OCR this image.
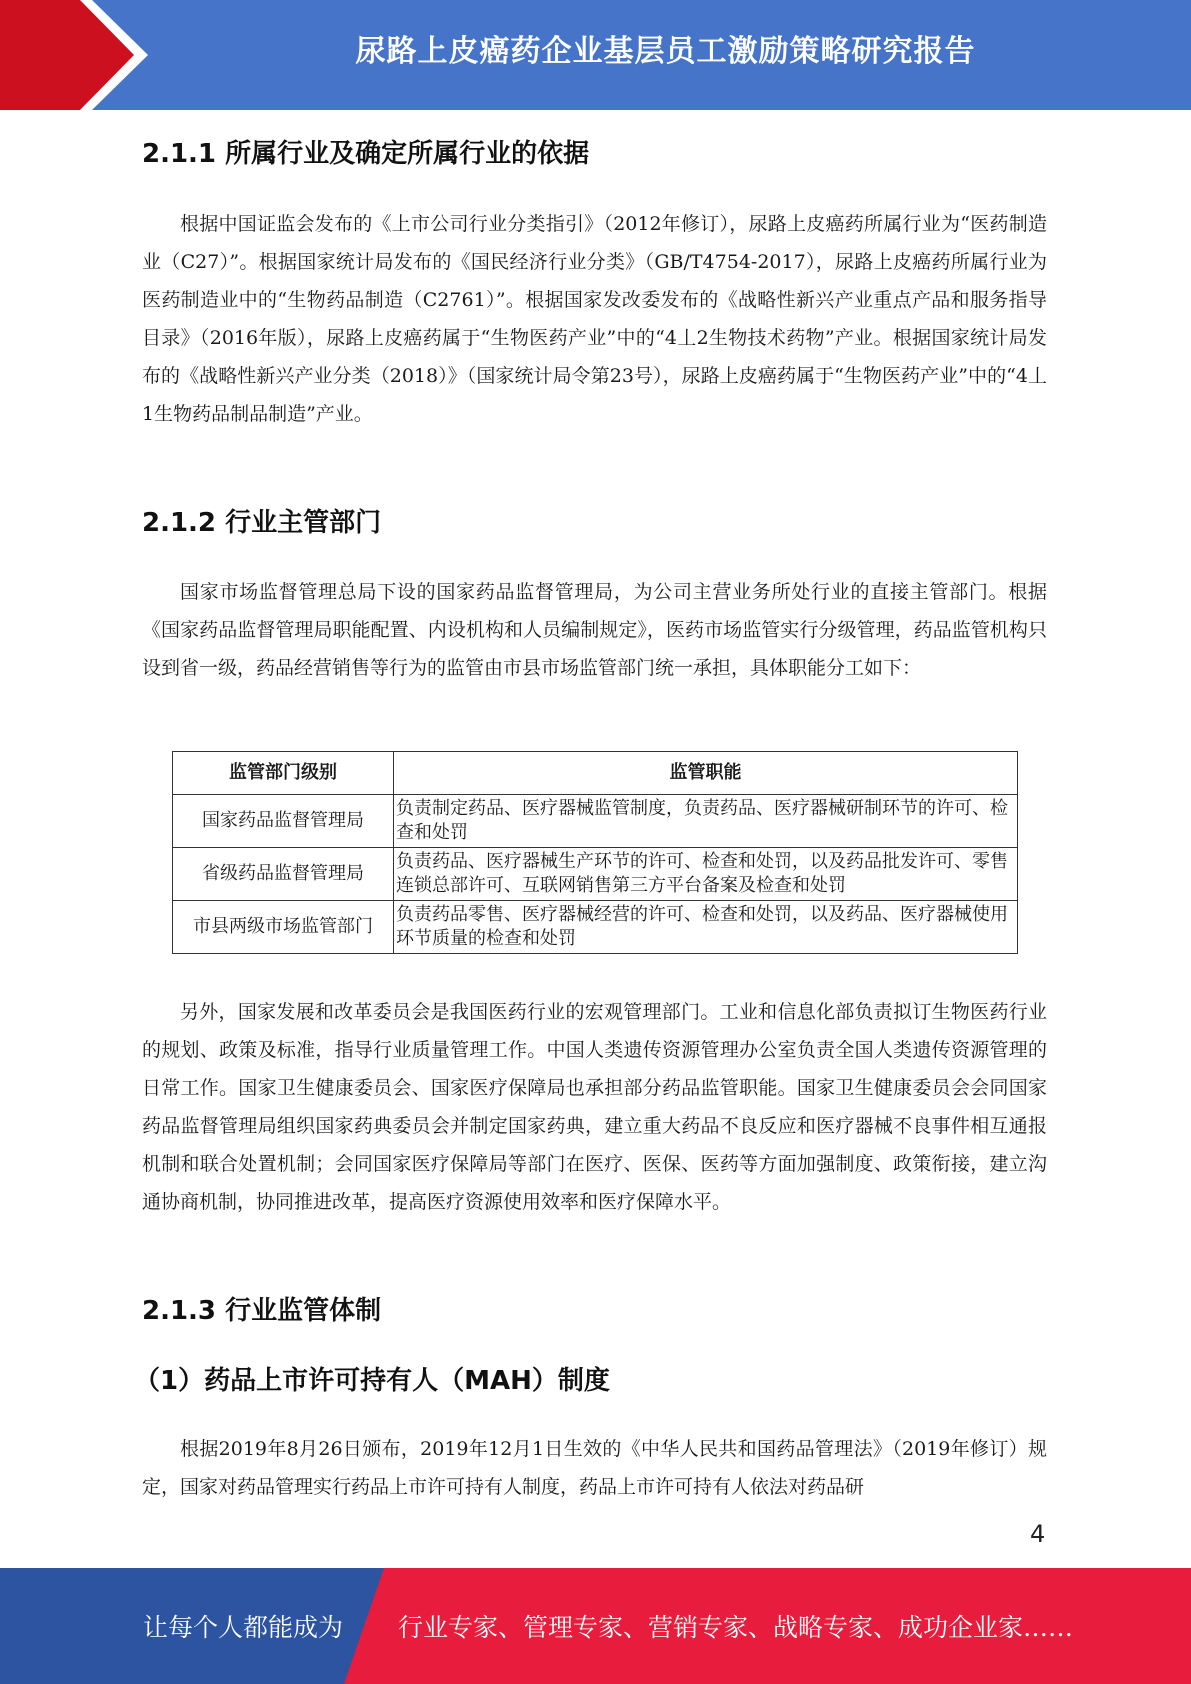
尿路上皮癌药企业基层员工激励策略研究报告
2.1.1 所属行业及确定所属行业的依据

根据中国证监会发布的《上市公司行业分类指引》（2012年修订），尿路上皮癌药所属行业为“医药制造业（C27）”。根据国家统计局发布的《国民经济行业分类》（GB/T4754-2017），尿路上皮癌药所属行业为医药制造业中的“生物药品制造（C2761）”。根据国家发改委发布的《战略性新兴产业重点产品和服务指导目录》（2016年版），尿路上皮癌药属于“生物医药产业”中的“4丄2生物技术药物”产业。根据国家统计局发布的《战略性新兴产业分类（2018）》（国家统计局令第23号），尿路上皮癌药属于“生物医药产业”中的“4丄1生物药品制品制造”产业。

2.1.2 行业主管部门

国家市场监督管理总局下设的国家药品监督管理局，为公司主营业务所处行业的直接主管部门。根据《国家药品监督管理局职能配置、内设机构和人员编制规定》，医药市场监管实行分级管理，药品监管机构只设到省一级，药品经营销售等行为的监管由市县市场监管部门统一承担，具体职能分工如下：

监管部门级别	监管职能
国家药品监督管理局	负责制定药品、医疗器械监管制度，负责药品、医疗器械研制环节的许可、检查和处罚
省级药品监督管理局	负责药品、医疗器械生产环节的许可、检查和处罚，以及药品批发许可、零售连锁总部许可、互联网销售第三方平台备案及检查和处罚
市县两级市场监管部门	负责药品零售、医疗器械经营的许可、检查和处罚，以及药品、医疗器械使用环节质量的检查和处罚

另外，国家发展和改革委员会是我国医药行业的宏观管理部门。工业和信息化部负责拟订生物医药行业的规划、政策及标准，指导行业质量管理工作。中国人类遗传资源管理办公室负责全国人类遗传资源管理的日常工作。国家卫生健康委员会、国家医疗保障局也承担部分药品监管职能。国家卫生健康委员会会同国家药品监督管理局组织国家药典委员会并制定国家药典，建立重大药品不良反应和医疗器械不良事件相互通报机制和联合处置机制；会同国家医疗保障局等部门在医疗、医保、医药等方面加强制度、政策衔接，建立沟通协商机制，协同推进改革，提高医疗资源使用效率和医疗保障水平。

2.1.3 行业监管体制
（1）药品上市许可持有人（MAH）制度

根据2019年8月26日颁布，2019年12月1日生效的《中华人民共和国药品管理法》（2019年修订）规定，国家对药品管理实行药品上市许可持有人制度，药品上市许可持有人依法对药品研

4
让每个人都能成为 行业专家、管理专家、营销专家、战略专家、成功企业家……
